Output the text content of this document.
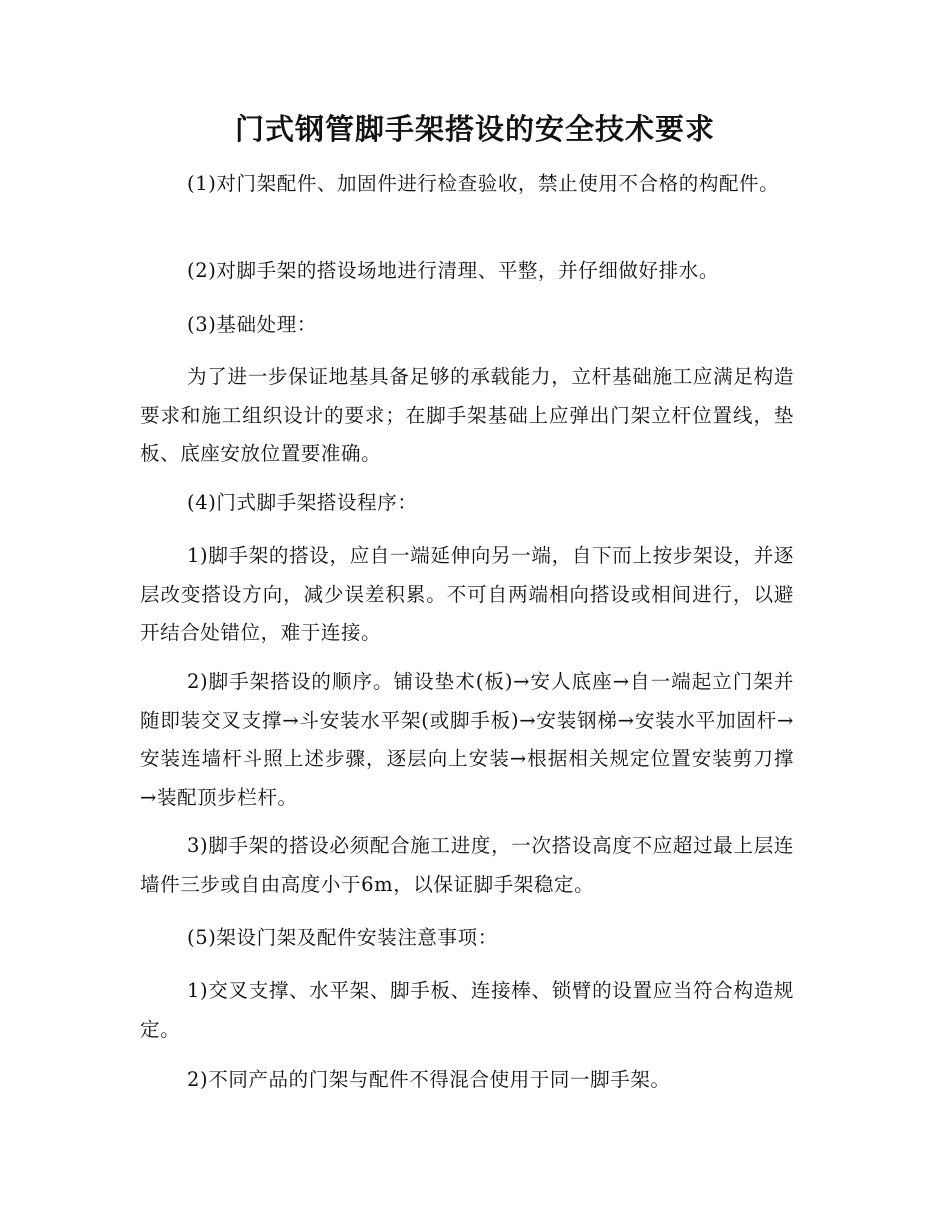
门式钢管脚手架搭设的安全技术要求

(1)对门架配件、加固件进行检查验收，禁止使用不合格的构配件。

(2)对脚手架的搭设场地进行清理、平整，并仔细做好排水。

(3)基础处理：

为了进一步保证地基具备足够的承载能力，立杆基础施工应满足构造要求和施工组织设计的要求；在脚手架基础上应弹出门架立杆位置线，垫板、底座安放位置要准确。

(4)门式脚手架搭设程序：

1)脚手架的搭设，应自一端延伸向另一端，自下而上按步架设，并逐层改变搭设方向，减少误差积累。不可自两端相向搭设或相间进行，以避开结合处错位，难于连接。

2)脚手架搭设的顺序。铺设垫术(板)→安人底座→自一端起立门架并随即装交叉支撑→斗安装水平架(或脚手板)→安装钢梯→安装水平加固杆→安装连墙杆斗照上述步骤，逐层向上安装→根据相关规定位置安装剪刀撑→装配顶步栏杆。

3)脚手架的搭设必须配合施工进度，一次搭设高度不应超过最上层连墙件三步或自由高度小于6m，以保证脚手架稳定。

(5)架设门架及配件安装注意事项：

1)交叉支撑、水平架、脚手板、连接棒、锁臂的设置应当符合构造规定。

2)不同产品的门架与配件不得混合使用于同一脚手架。
